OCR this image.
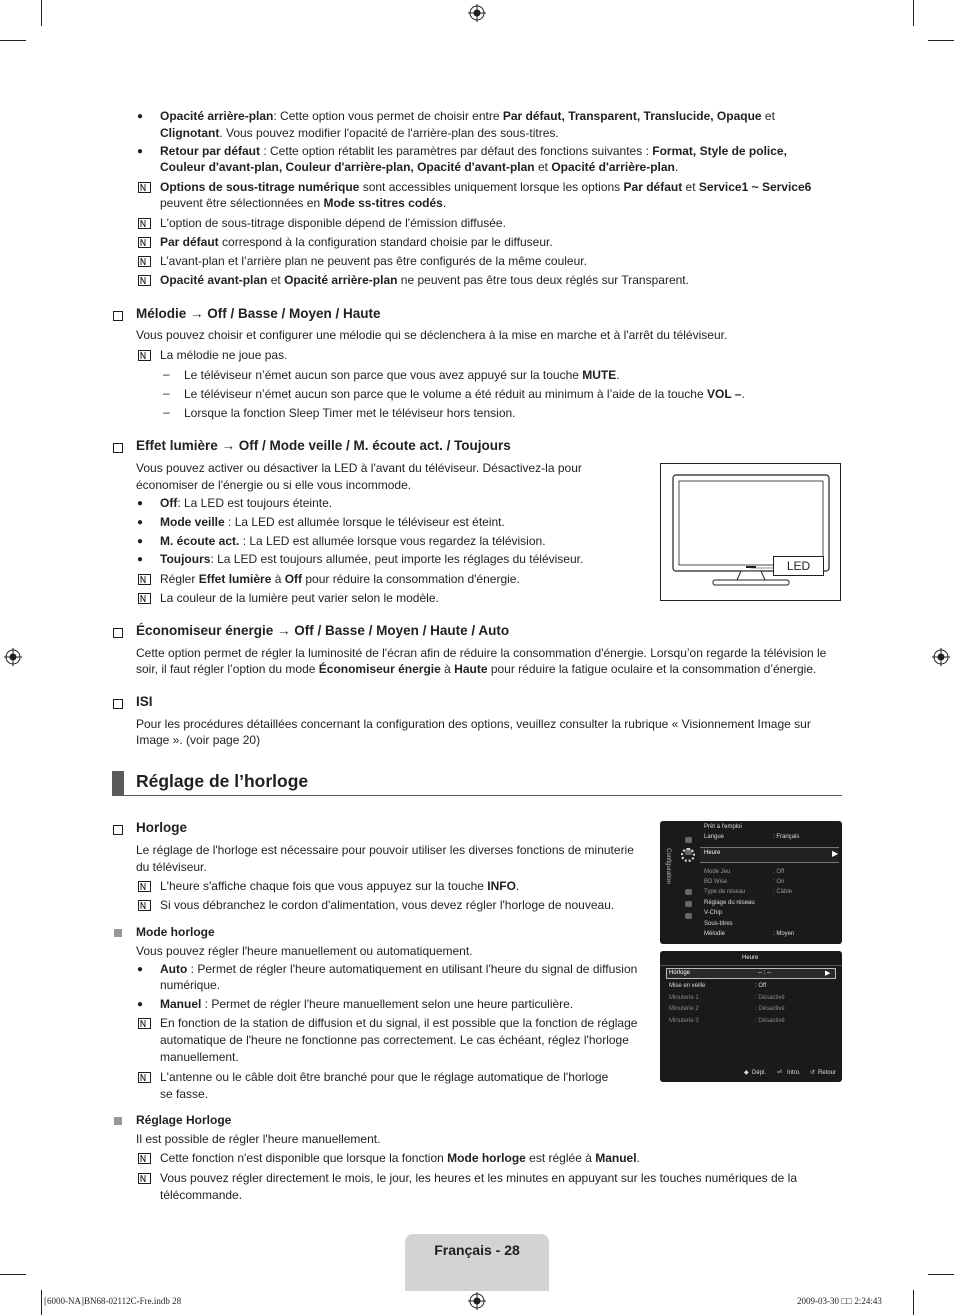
● Opacité arrière-plan: Cette option vous permet de choisir entre Par défaut, Transparent, Translucide, Opaque et
Clignotant. Vous pouvez modifier l'opacité de l'arrière-plan des sous-titres.
● Retour par défaut : Cette option rétablit les paramètres par défaut des fonctions suivantes : Format, Style de police,
Couleur d'avant-plan, Couleur d'arrière-plan, Opacité d'avant-plan et Opacité d'arrière-plan.
Options de sous-titrage numérique sont accessibles uniquement lorsque les options Par défaut et Service1 ~ Service6
peuvent être sélectionnées en Mode ss-titres codés.
L'option de sous-titrage disponible dépend de l'émission diffusée.
Par défaut correspond à la configuration standard choisie par le diffuseur.
L’avant-plan et l’arrière plan ne peuvent pas être configurés de la même couleur.
Opacité avant-plan et Opacité arrière-plan ne peuvent pas être tous deux réglés sur Transparent.
Mélodie → Off / Basse / Moyen / Haute
Vous pouvez choisir et configurer une mélodie qui se déclenchera à la mise en marche et à l'arrêt du téléviseur.
La mélodie ne joue pas.
– Le téléviseur n’émet aucun son parce que vous avez appuyé sur la touche MUTE.
– Le téléviseur n’émet aucun son parce que le volume a été réduit au minimum à l’aide de la touche VOL –.
– Lorsque la fonction Sleep Timer met le téléviseur hors tension.
Effet lumière → Off / Mode veille / M. écoute act. / Toujours
Vous pouvez activer ou désactiver la LED à l'avant du téléviseur. Désactivez-la pour
économiser de l'énergie ou si elle vous incommode.
● Off: La LED est toujours éteinte.
● Mode veille : La LED est allumée lorsque le téléviseur est éteint.
● M. écoute act. : La LED est allumée lorsque vous regardez la télévision.
● Toujours: La LED est toujours allumée, peut importe les réglages du téléviseur.
Régler Effet lumière à Off pour réduire la consommation d'énergie.
La couleur de la lumière peut varier selon le modèle.
LED
Économiseur énergie → Off / Basse / Moyen / Haute / Auto
Cette option permet de régler la luminosité de l'écran afin de réduire la consommation d'énergie. Lorsqu’on regarde la télévision le
soir, il faut régler l’option du mode Économiseur énergie à Haute pour réduire la fatigue oculaire et la consommation d’énergie.
ISI
Pour les procédures détaillées concernant la configuration des options, veuillez consulter la rubrique « Visionnement Image sur
Image ». (voir page 20)
Réglage de l’horloge
Horloge
Le réglage de l'horloge est nécessaire pour pouvoir utiliser les diverses fonctions de minuterie
du téléviseur.
L'heure s'affiche chaque fois que vous appuyez sur la touche INFO.
Si vous débranchez le cordon d'alimentation, vous devez régler l'horloge de nouveau.
Mode horloge
Vous pouvez régler l'heure manuellement ou automatiquement.
● Auto : Permet de régler l'heure automatiquement en utilisant l'heure du signal de diffusion
numérique.
● Manuel : Permet de régler l'heure manuellement selon une heure particulière.
En fonction de la station de diffusion et du signal, il est possible que la fonction de réglage
automatique de l'heure ne fonctionne pas correctement. Le cas échéant, réglez l'horloge
manuellement.
L'antenne ou le câble doit être branché pour que le réglage automatique de l'horloge
se fasse.
Réglage Horloge
Il est possible de régler l'heure manuellement.
Cette fonction n'est disponible que lorsque la fonction Mode horloge est réglée à Manuel.
Vous pouvez régler directement le mois, le jour, les heures et les minutes en appuyant sur les touches numériques de la
télécommande.
Configuration
Prêt à l'emploi
Langue	: Français
Heure	▶
Mode Jeu	: Off
BD Wise	: On
Type de réseau	: Câble
Réglage du réseau
V-Chip
Sous-titres
Mélodie	: Moyen
Heure
Horloge	-- : --	▶
Mise en veille	: Off
Minuterie 1	: Désactivé
Minuterie 2	: Désactivé
Minuterie 3	: Désactivé
◆ Dépl. ⏎ Intro. ↺ Retour
Français - 28
[6000-NA]BN68-02112C-Fre.indb 28	2009-03-30 □□ 2:24:43
